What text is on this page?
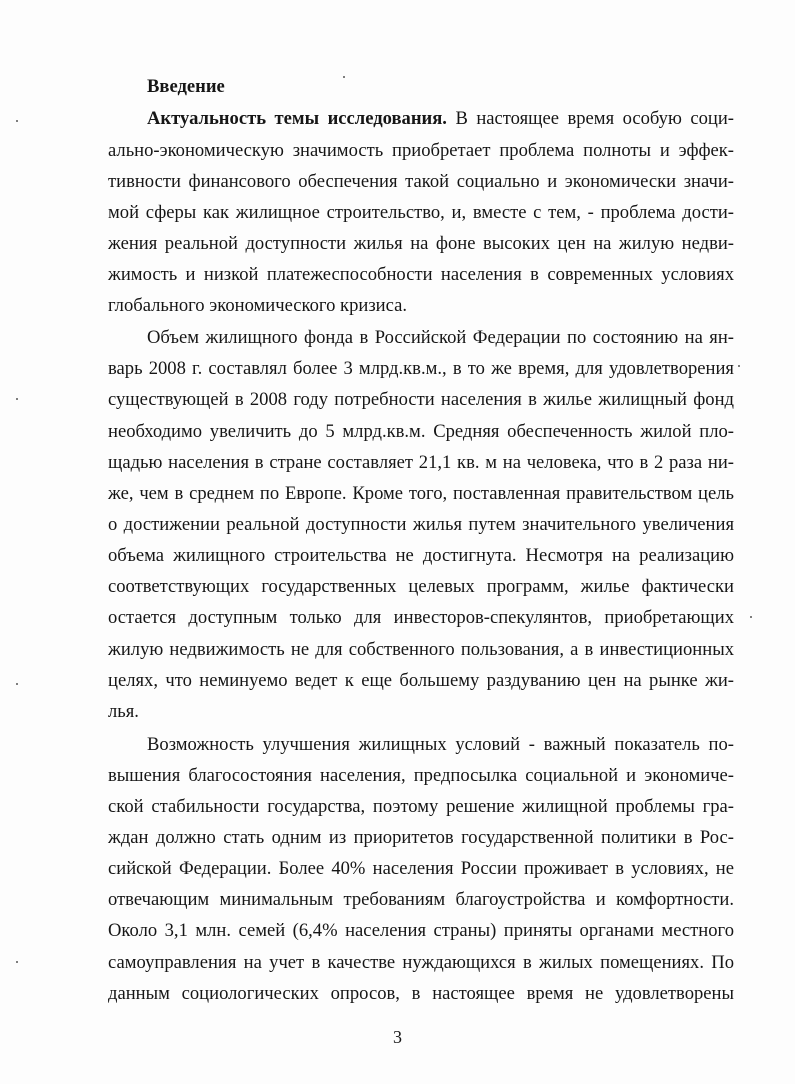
Введение
Актуальность темы исследования. В настоящее время особую соци-
ально-экономическую значимость приобретает проблема полноты и эффек-
тивности финансового обеспечения такой социально и экономически значи-
мой сферы как жилищное строительство, и, вместе с тем, - проблема дости-
жения реальной доступности жилья на фоне высоких цен на жилую недви-
жимость и низкой платежеспособности населения в современных условиях
глобального экономического кризиса.
Объем жилищного фонда в Российской Федерации по состоянию на ян-
варь 2008 г. составлял более 3 млрд.кв.м., в то же время, для удовлетворения
существующей в 2008 году потребности населения в жилье жилищный фонд
необходимо увеличить до 5 млрд.кв.м. Средняя обеспеченность жилой пло-
щадью населения в стране составляет 21,1 кв. м на человека, что в 2 раза ни-
же, чем в среднем по Европе. Кроме того, поставленная правительством цель
о достижении реальной доступности жилья путем значительного увеличения
объема жилищного строительства не достигнута. Несмотря на реализацию
соответствующих государственных целевых программ, жилье фактически
остается доступным только для инвесторов-спекулянтов, приобретающих
жилую недвижимость не для собственного пользования, а в инвестиционных
целях, что неминуемо ведет к еще большему раздуванию цен на рынке жи-
лья.
Возможность улучшения жилищных условий - важный показатель по-
вышения благосостояния населения, предпосылка социальной и экономиче-
ской стабильности государства, поэтому решение жилищной проблемы гра-
ждан должно стать одним из приоритетов государственной политики в Рос-
сийской Федерации. Более 40% населения России проживает в условиях, не
отвечающим минимальным требованиям благоустройства и комфортности.
Около 3,1 млн. семей (6,4% населения страны) приняты органами местного
самоуправления на учет в качестве нуждающихся в жилых помещениях. По
данным социологических опросов, в настоящее время не удовлетворены
3
